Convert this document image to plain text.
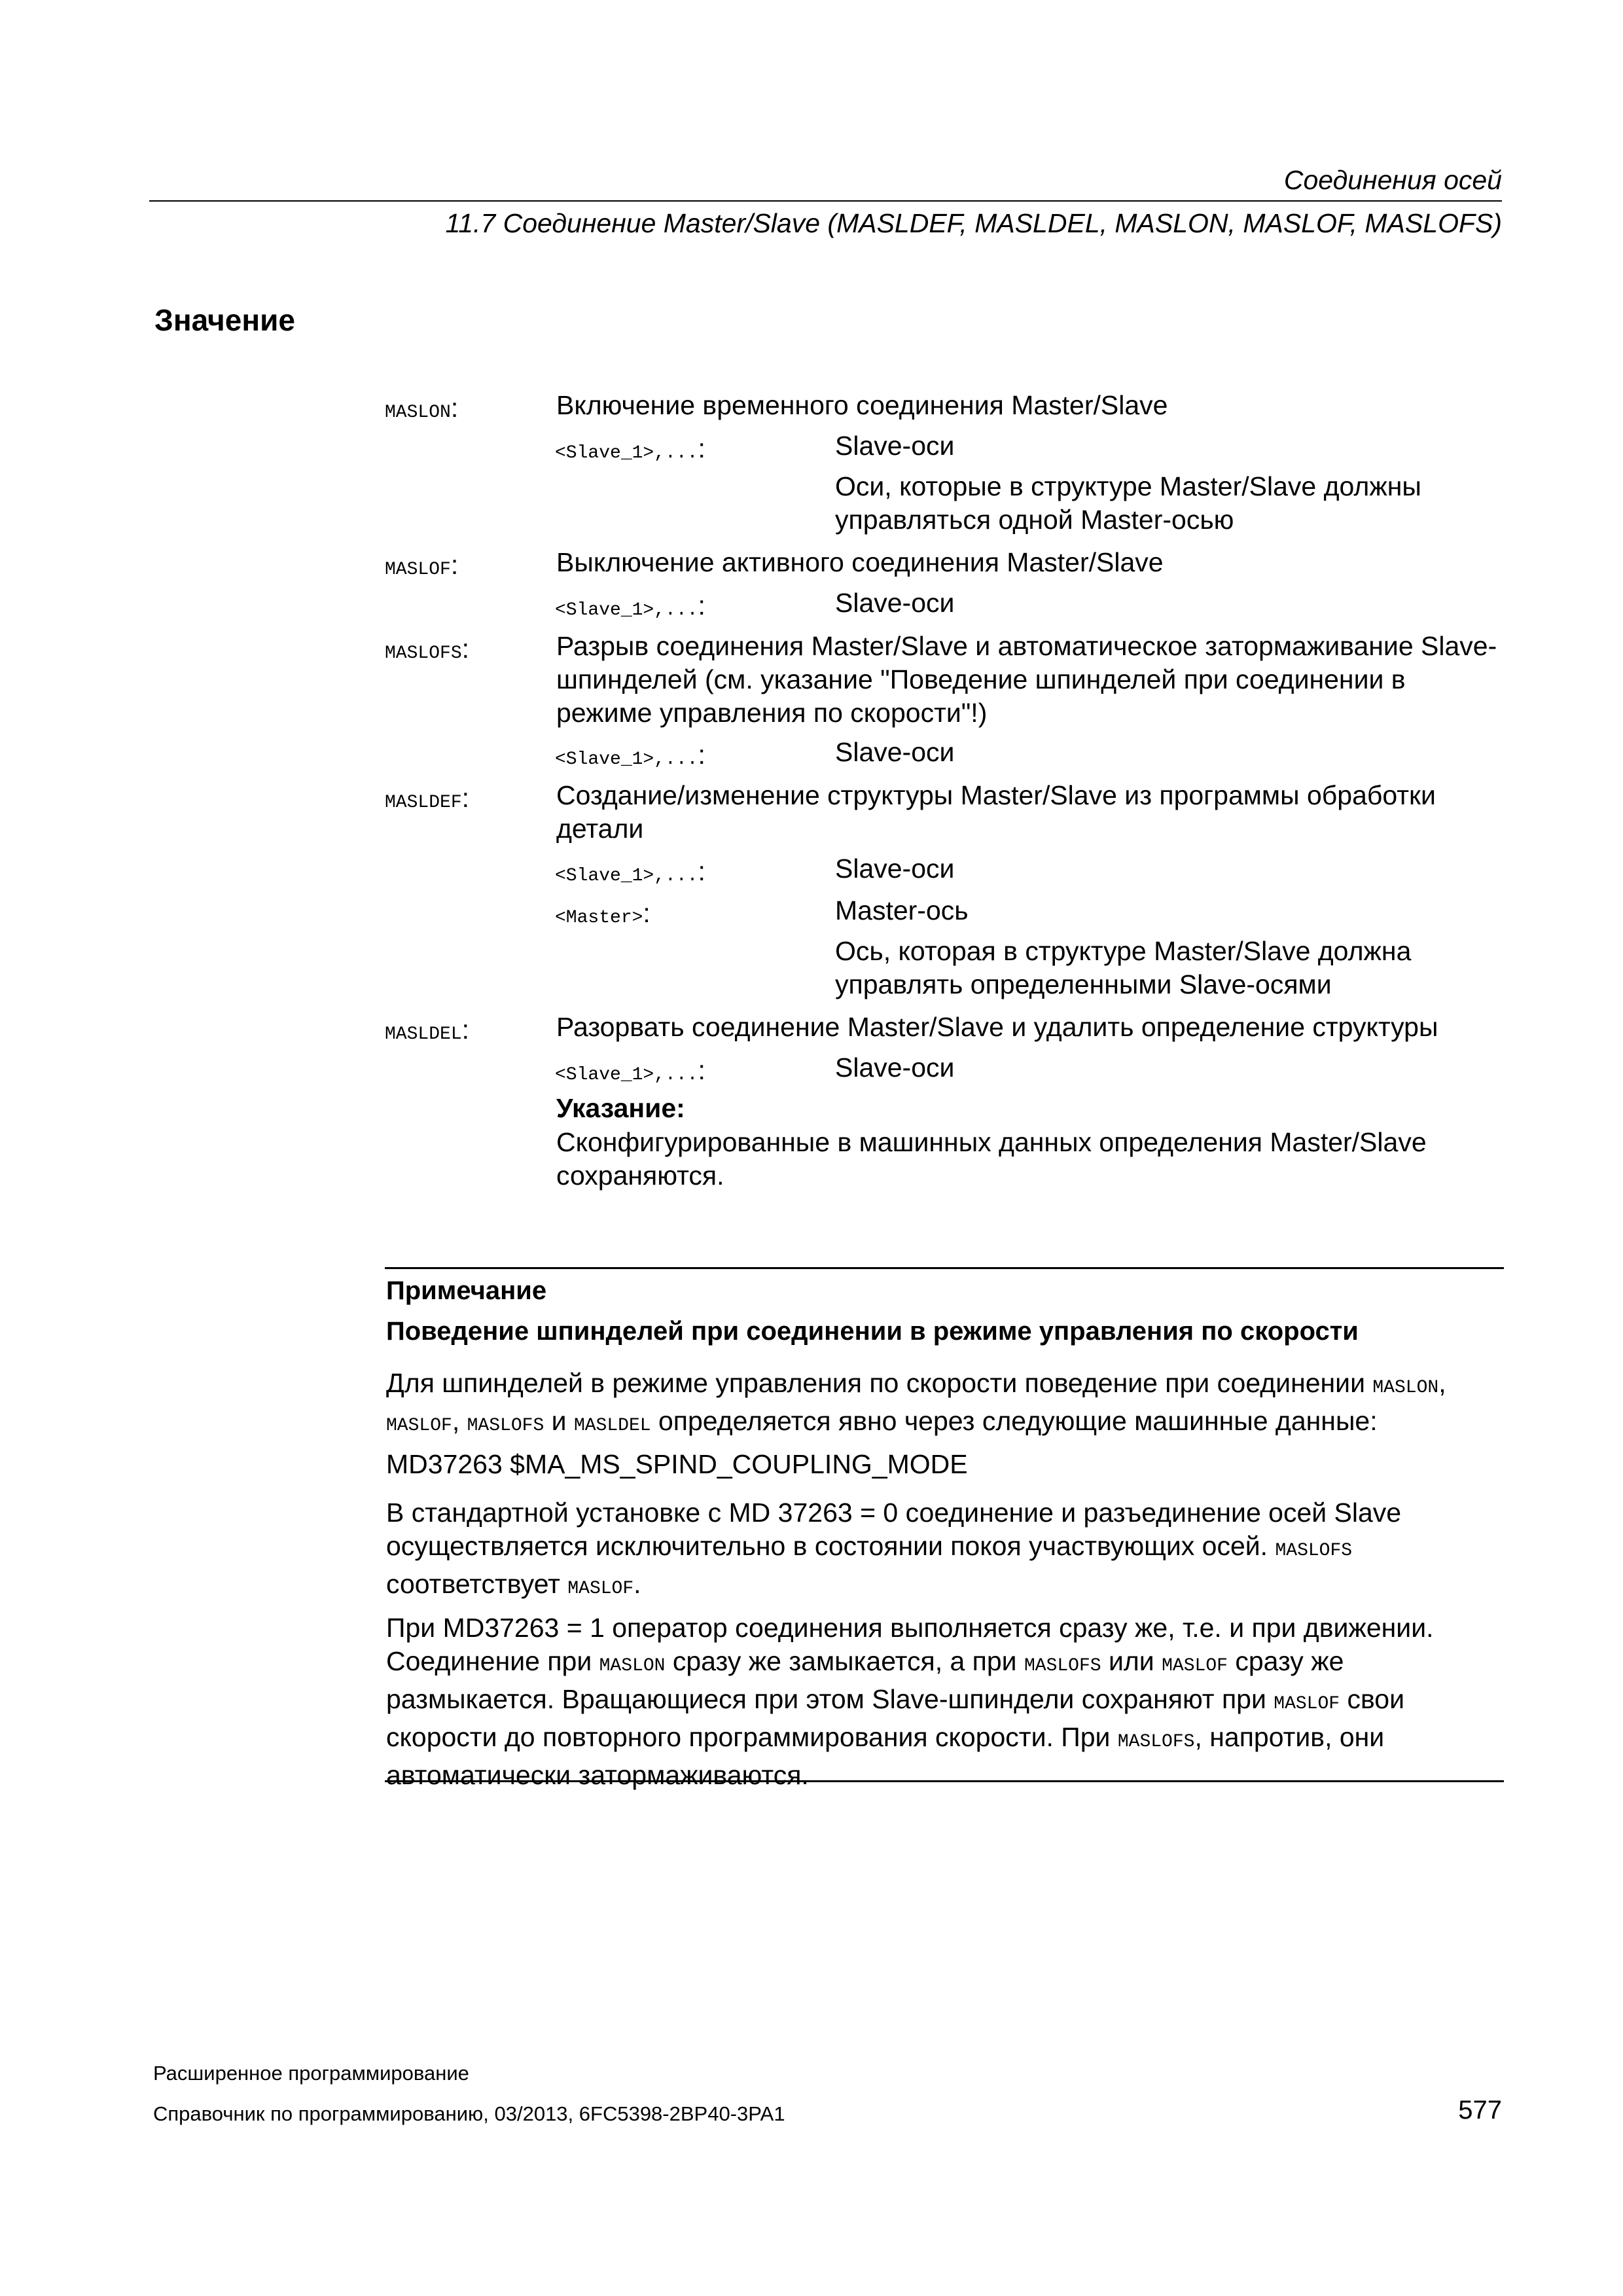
Соединения осей
11.7 Соединение Master/Slave (MASLDEF, MASLDEL, MASLON, MASLOF, MASLOFS)
Значение
MASLON:	Включение временного соединения Master/Slave
<Slave_1>,...:	Slave-оси
Оси, которые в структуре Master/Slave должны управляться одной Master-осью
MASLOF:	Выключение активного соединения Master/Slave
<Slave_1>,...:	Slave-оси
MASLOFS:	Разрыв соединения Master/Slave и автоматическое затормаживание Slave-шпинделей (см. указание "Поведение шпинделей при соединении в режиме управления по скорости"!)
<Slave_1>,...:	Slave-оси
MASLDEF:	Создание/изменение структуры Master/Slave из программы обработки детали
<Slave_1>,...:	Slave-оси
<Master>:	Master-ось
Ось, которая в структуре Master/Slave должна управлять определенными Slave-осями
MASLDEL:	Разорвать соединение Master/Slave и удалить определение структуры
<Slave_1>,...:	Slave-оси
Указание:
Сконфигурированные в машинных данных определения Master/Slave сохраняются.
Примечание
Поведение шпинделей при соединении в режиме управления по скорости
Для шпинделей в режиме управления по скорости поведение при соединении MASLON, MASLOF, MASLOFS и MASLDEL определяется явно через следующие машинные данные:
MD37263 $MA_MS_SPIND_COUPLING_MODE
В стандартной установке с MD 37263 = 0 соединение и разъединение осей Slave осуществляется исключительно в состоянии покоя участвующих осей. MASLOFS соответствует MASLOF.
При MD37263 = 1 оператор соединения выполняется сразу же, т.е. и при движении. Соединение при MASLON сразу же замыкается, а при MASLOFS или MASLOF сразу же размыкается. Вращающиеся при этом Slave-шпиндели сохраняют при MASLOF свои скорости до повторного программирования скорости. При MASLOFS, напротив, они автоматически затормаживаются.
Расширенное программирование
Справочник по программированию, 03/2013, 6FC5398-2BP40-3PA1	577
